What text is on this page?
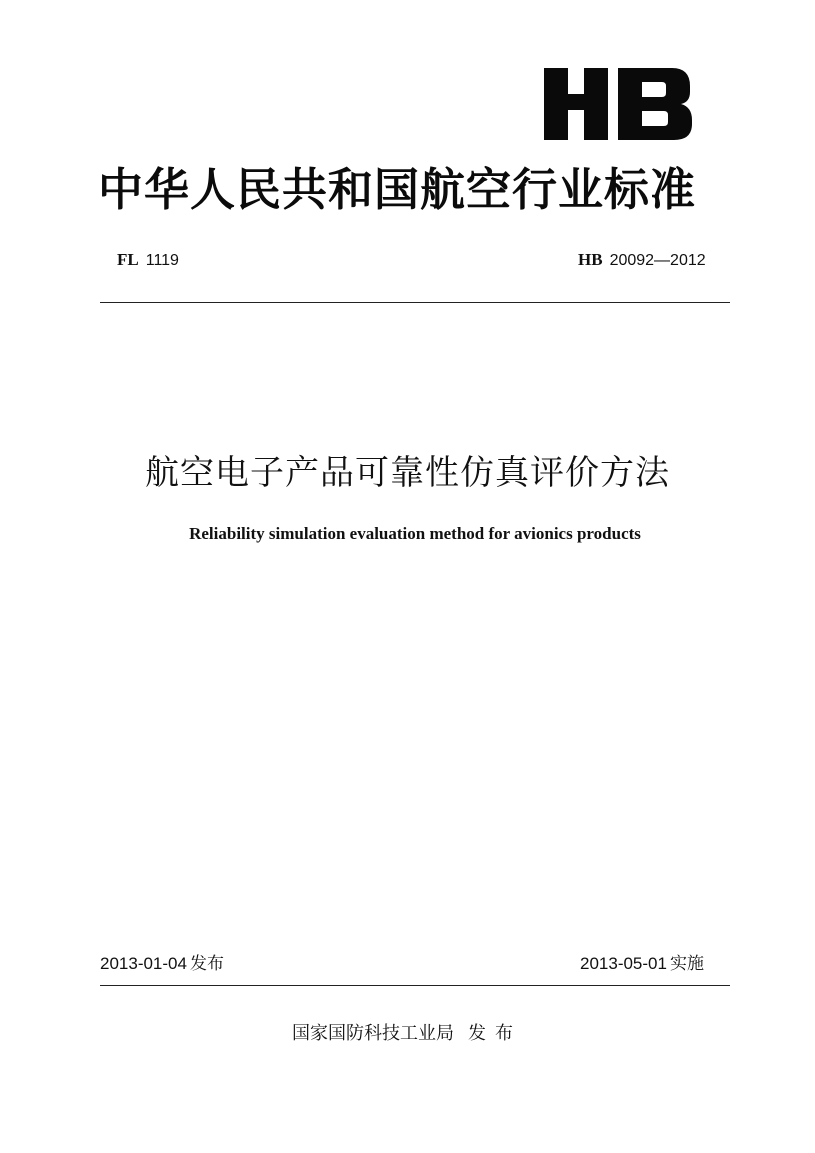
中华人民共和国航空行业标准
FL 1119	HB 20092—2012
航空电子产品可靠性仿真评价方法
Reliability simulation evaluation method for avionics products
2013-01-04 发布	2013-05-01 实施
国家国防科技工业局 发布
